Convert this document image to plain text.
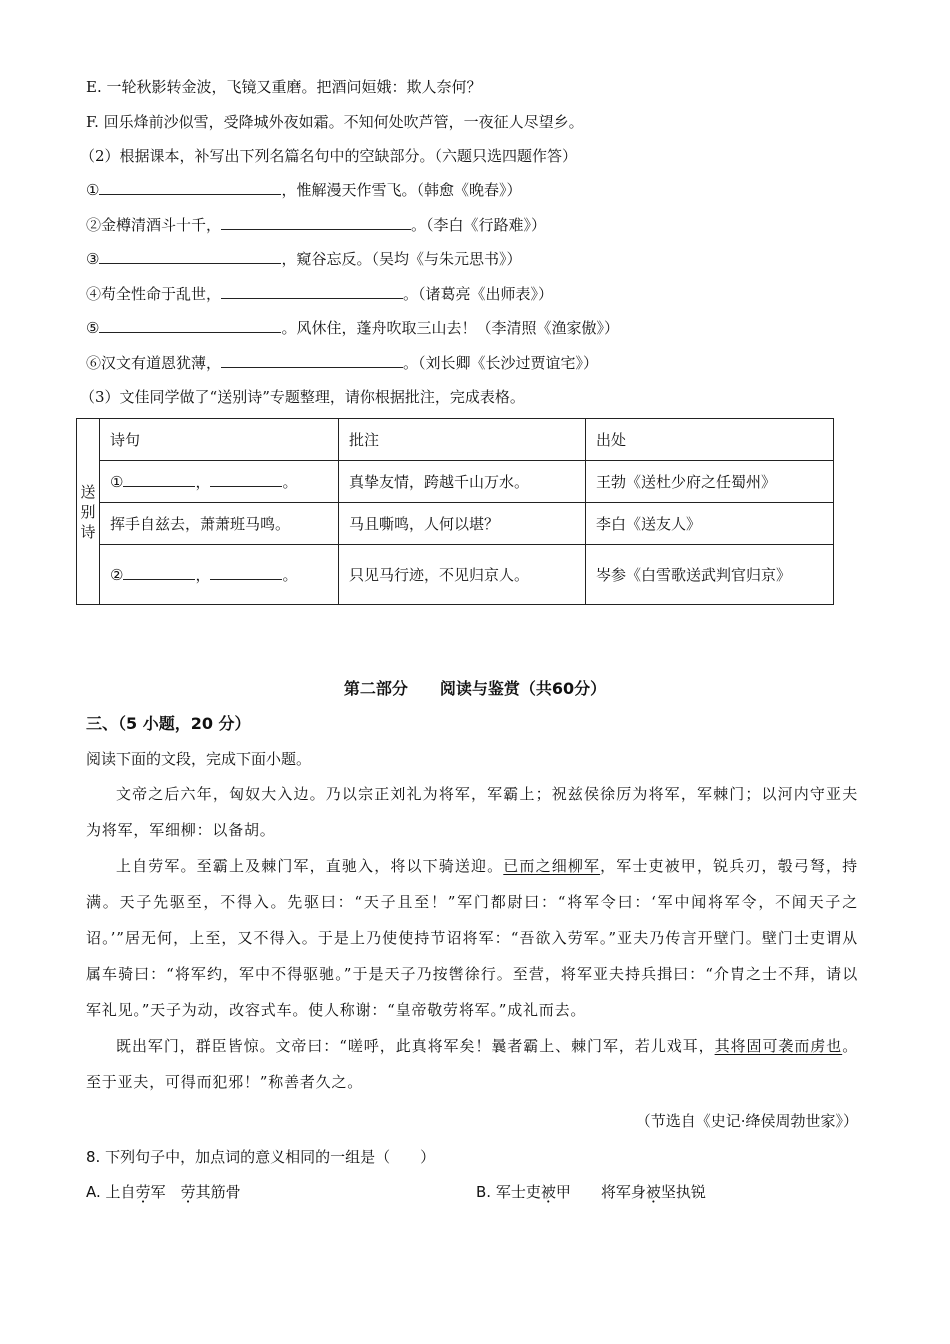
E. 一轮秋影转金波，飞镜又重磨。把酒问姮娥：欺人奈何？
F. 回乐烽前沙似雪，受降城外夜如霜。不知何处吹芦管，一夜征人尽望乡。
（2）根据课本，补写出下列名篇名句中的空缺部分。（六题只选四题作答）
①	，惟解漫天作雪飞。（韩愈《晚春》）
②金樽清酒斗十千，	。（李白《行路难》）
③	，窥谷忘反。（吴均《与朱元思书》）
④苟全性命于乱世，	。（诸葛亮《出师表》）
⑤	。风休住，蓬舟吹取三山去！（李清照《渔家傲》）
⑥汉文有道恩犹薄，	。（刘长卿《长沙过贾谊宅》）
（3）文佳同学做了“送别诗”专题整理，请你根据批注，完成表格。
送别诗	诗句	批注	出处
	① ， 。	真挚友情，跨越千山万水。	王勃《送杜少府之任蜀州》
	挥手自兹去，萧萧班马鸣。	马且嘶鸣，人何以堪？	李白《送友人》
	② ， 。	只见马行迹，不见归京人。	岑参《白雪歌送武判官归京》
第二部分　　阅读与鉴赏（共60分）
三、（5 小题，20 分）
阅读下面的文段，完成下面小题。
文帝之后六年，匈奴大入边。乃以宗正刘礼为将军，军霸上；祝兹侯徐厉为将军，军棘门；以河内守亚夫为将军，军细柳：以备胡。
上自劳军。至霸上及棘门军，直驰入，将以下骑送迎。已而之细柳军，军士吏被甲，锐兵刃，彀弓弩，持满。天子先驱至，不得入。先驱曰：“天子且至！”军门都尉曰：“将军令曰：‘军中闻将军令，不闻天子之诏。’”居无何，上至，又不得入。于是上乃使使持节诏将军：“吾欲入劳军。”亚夫乃传言开壁门。壁门士吏谓从属车骑曰：“将军约，军中不得驱驰。”于是天子乃按辔徐行。至营，将军亚夫持兵揖曰：“介胄之士不拜，请以军礼见。”天子为动，改容式车。使人称谢：“皇帝敬劳将军。”成礼而去。
既出军门，群臣皆惊。文帝曰：“嗟呼，此真将军矣！曩者霸上、棘门军，若儿戏耳，其将固可袭而虏也。至于亚夫，可得而犯邪！”称善者久之。
（节选自《史记·绛侯周勃世家》）
8. 下列句子中，加点词的意义相同的一组是（　　）
A. 上自劳军　劳其筋骨	B. 军士吏被甲　　将军身被坚执锐
